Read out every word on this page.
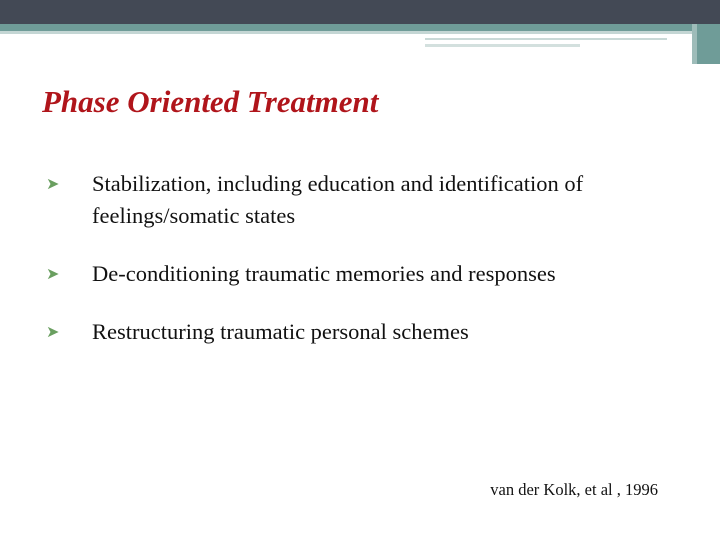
Phase Oriented Treatment
➤	Stabilization, including education and identification of feelings/somatic states
➤	De-conditioning traumatic memories and responses
➤	Restructuring traumatic personal schemes
van der Kolk, et al , 1996
